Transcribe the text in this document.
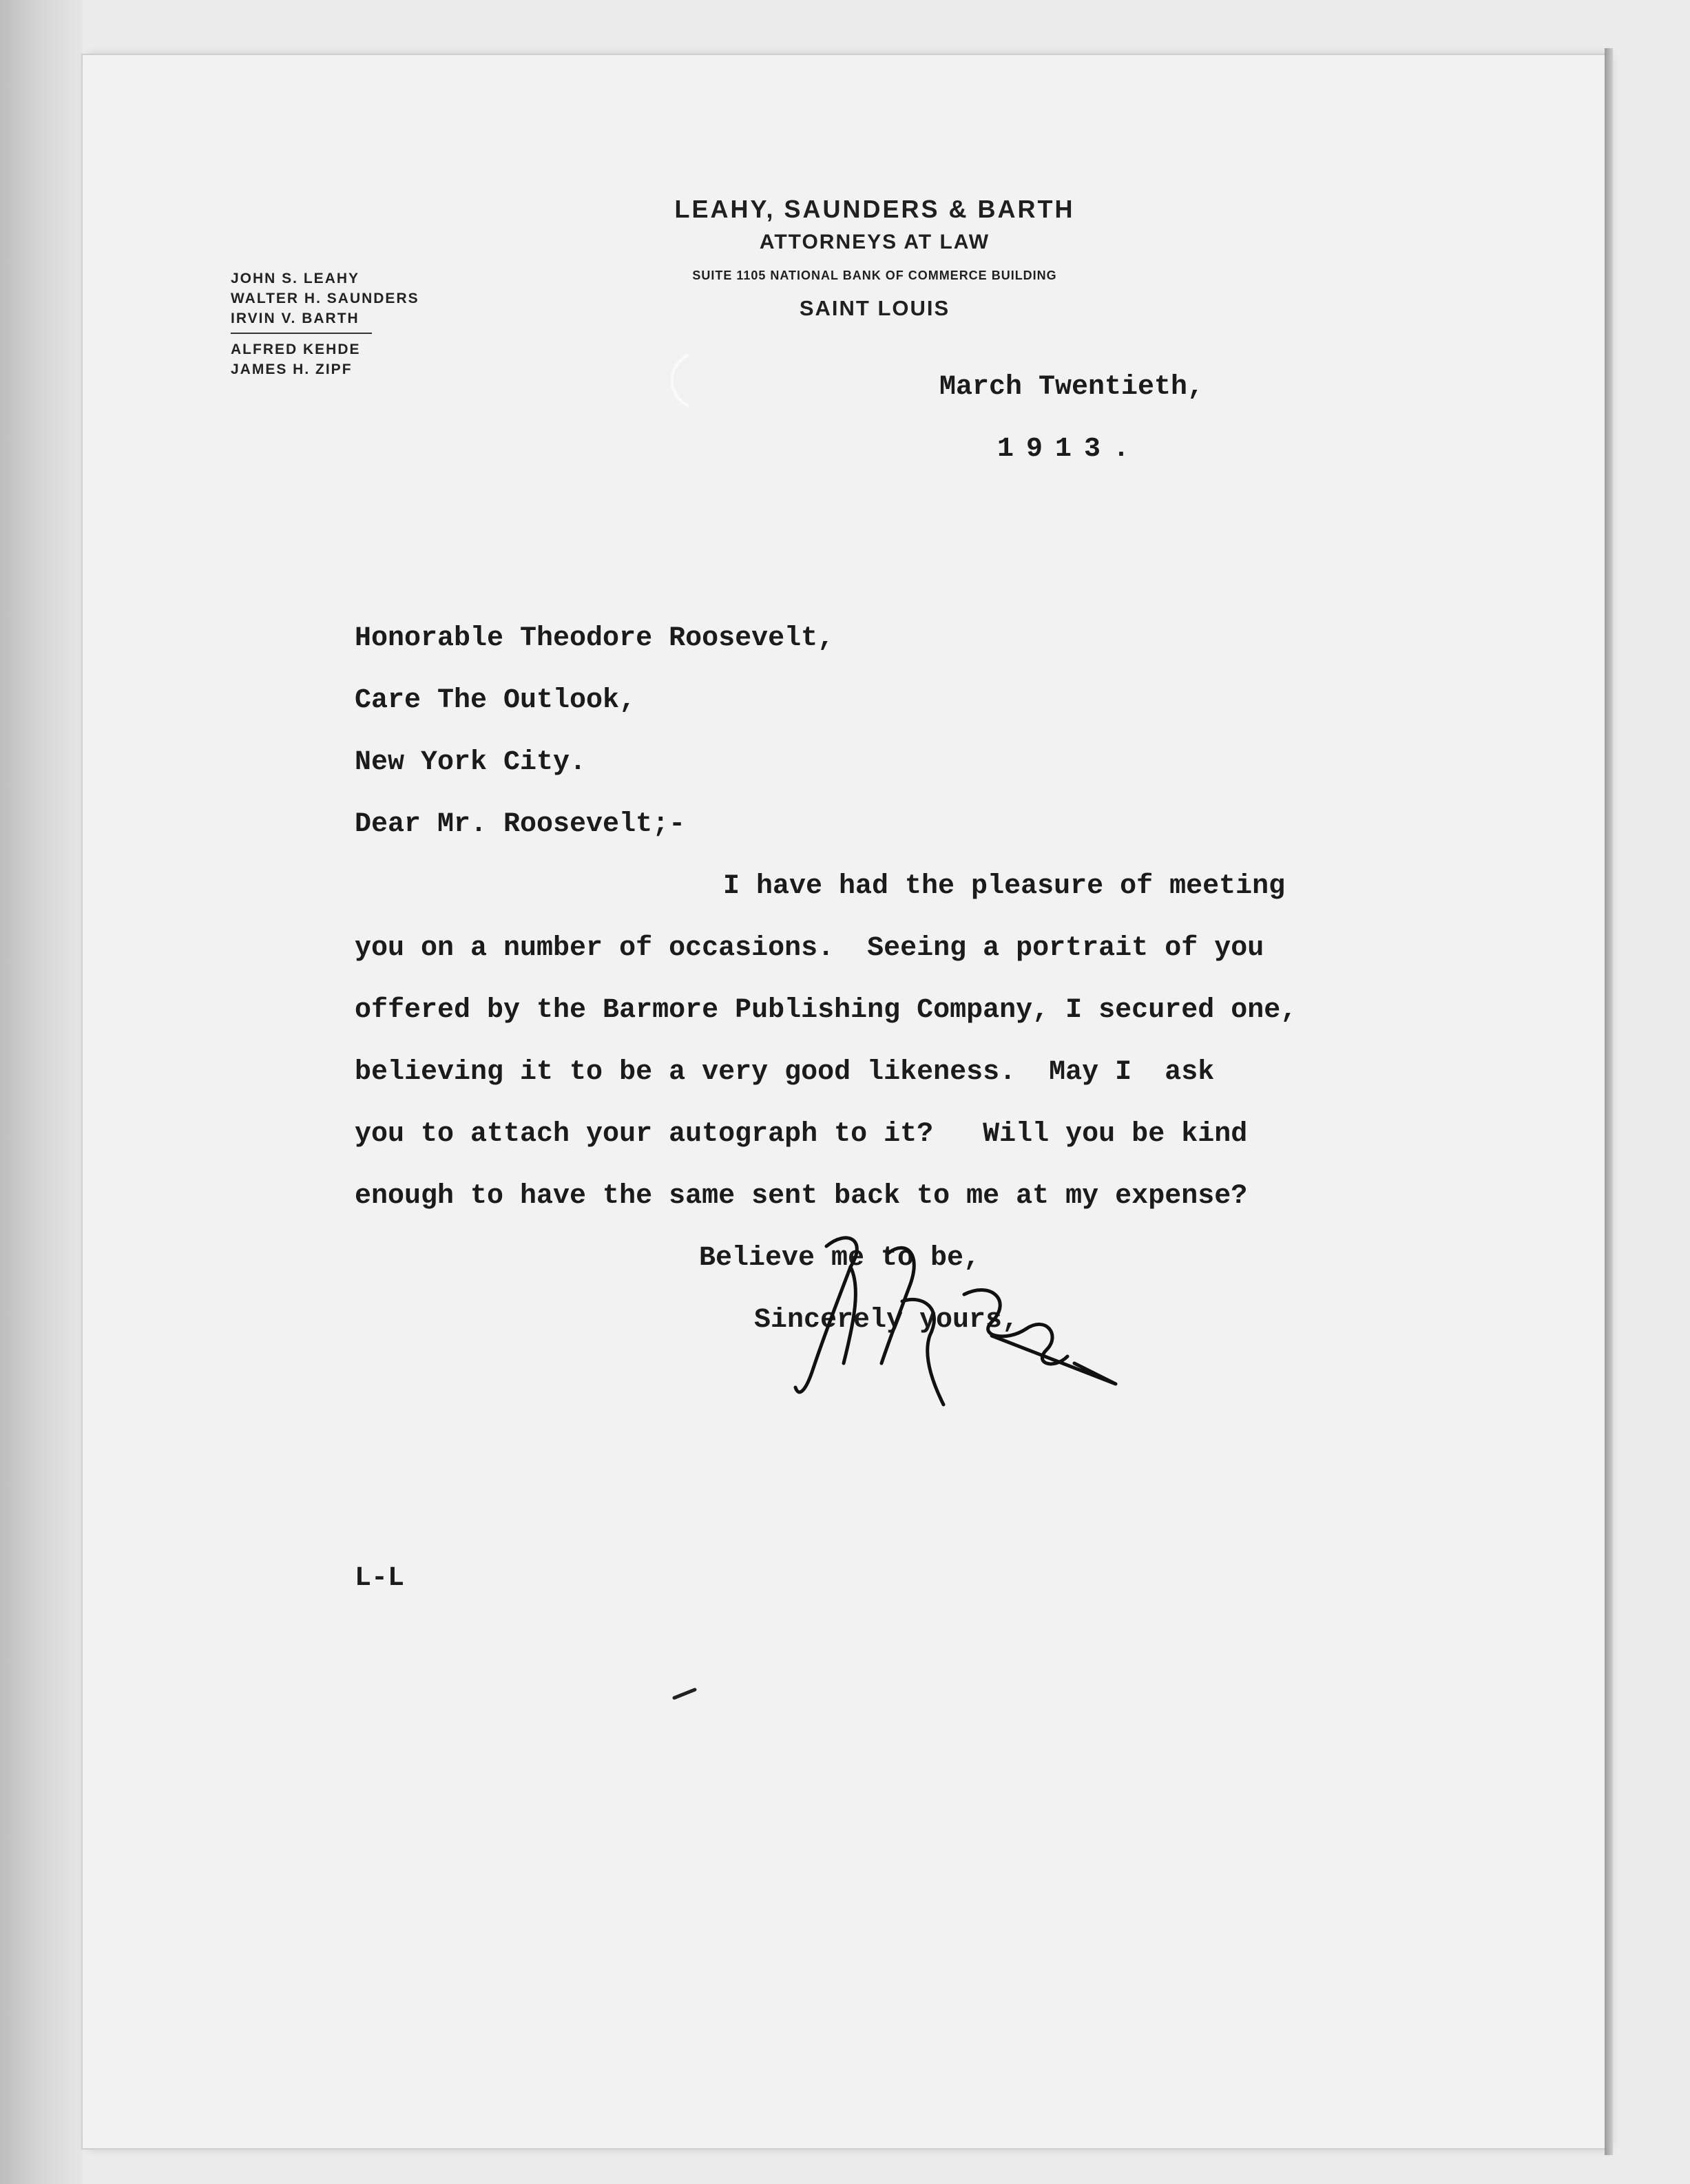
LEAHY, SAUNDERS & BARTH
ATTORNEYS AT LAW
SUITE 1105 NATIONAL BANK OF COMMERCE BUILDING
SAINT LOUIS
JOHN S. LEAHY
WALTER H. SAUNDERS
IRVIN V. BARTH
ALFRED KEHDE
JAMES H. ZIPF
March Twentieth,
1913.
Honorable Theodore Roosevelt,
Care The Outlook,
New York City.
Dear Mr. Roosevelt;-
I have had the pleasure of meeting
you on a number of occasions.  Seeing a portrait of you
offered by the Barmore Publishing Company, I secured one,
believing it to be a very good likeness.  May I  ask
you to attach your autograph to it?   Will you be kind
enough to have the same sent back to me at my expense?
Believe me to be,
Sincerely yours,
L-L
